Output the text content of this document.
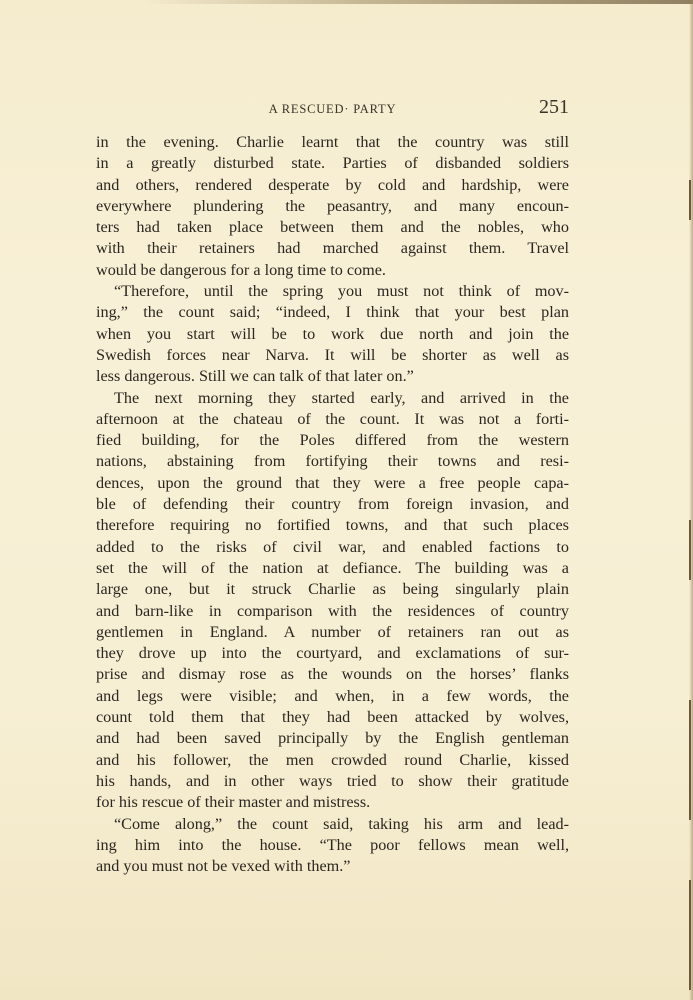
A RESCUED· PARTY	251
in the evening. Charlie learnt that the country was still
in a greatly disturbed state. Parties of disbanded soldiers
and others, rendered desperate by cold and hardship, were
everywhere plundering the peasantry, and many encoun-
ters had taken place between them and the nobles, who
with their retainers had marched against them. Travel
would be dangerous for a long time to come.
“Therefore, until the spring you must not think of mov-
ing,” the count said; “indeed, I think that your best plan
when you start will be to work due north and join the
Swedish forces near Narva. It will be shorter as well as
less dangerous. Still we can talk of that later on.”
The next morning they started early, and arrived in the
afternoon at the chateau of the count. It was not a forti-
fied building, for the Poles differed from the western
nations, abstaining from fortifying their towns and resi-
dences, upon the ground that they were a free people capa-
ble of defending their country from foreign invasion, and
therefore requiring no fortified towns, and that such places
added to the risks of civil war, and enabled factions to
set the will of the nation at defiance. The building was a
large one, but it struck Charlie as being singularly plain
and barn-like in comparison with the residences of country
gentlemen in England. A number of retainers ran out as
they drove up into the courtyard, and exclamations of sur-
prise and dismay rose as the wounds on the horses’ flanks
and legs were visible; and when, in a few words, the
count told them that they had been attacked by wolves,
and had been saved principally by the English gentleman
and his follower, the men crowded round Charlie, kissed
his hands, and in other ways tried to show their gratitude
for his rescue of their master and mistress.
“Come along,” the count said, taking his arm and lead-
ing him into the house. “The poor fellows mean well,
and you must not be vexed with them.”
